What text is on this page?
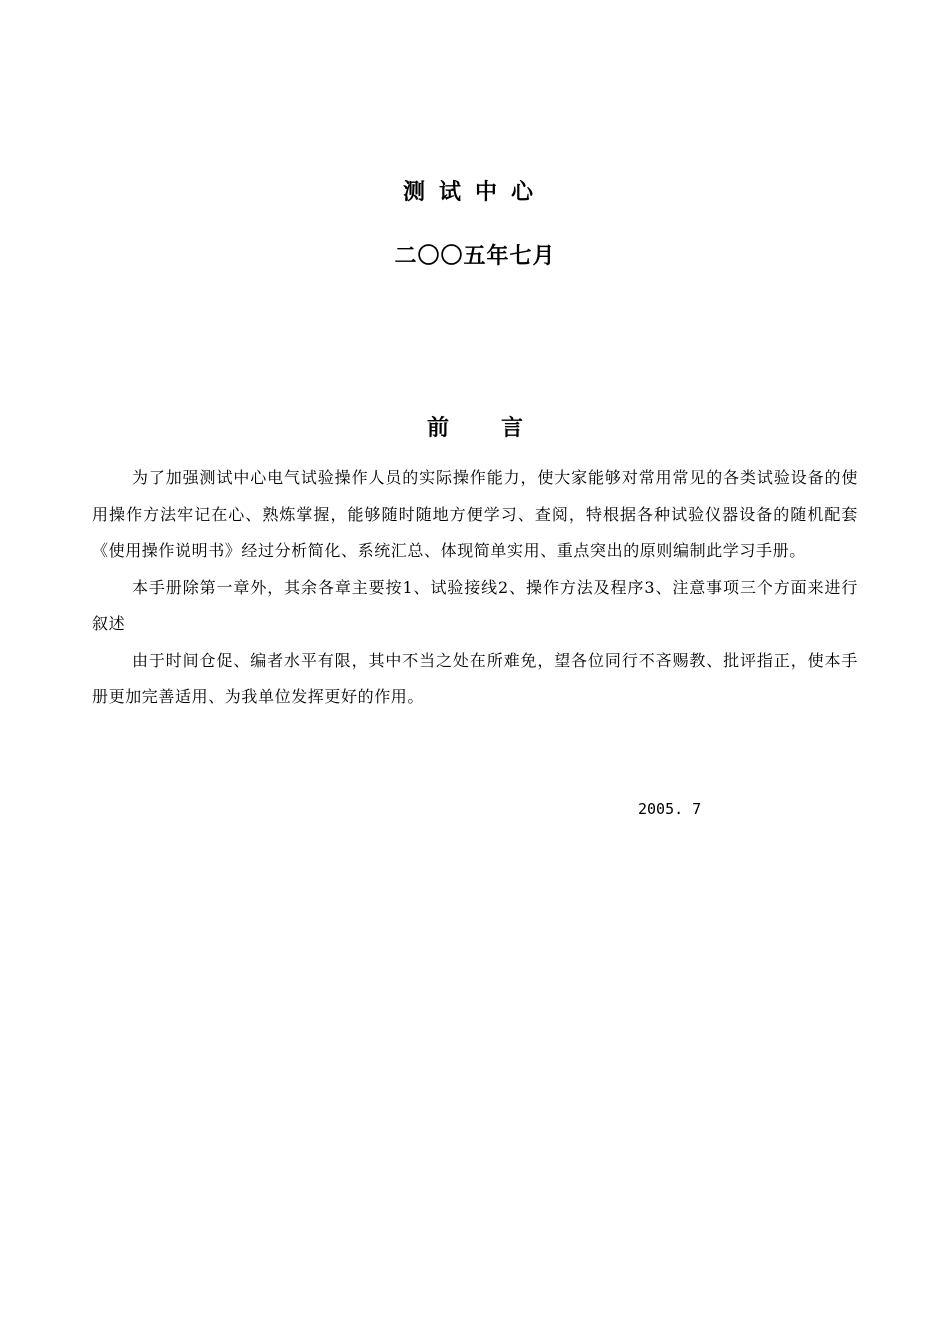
测试中心
二〇〇五年七月
前言

为了加强测试中心电气试验操作人员的实际操作能力，使大家能够对常用常见的各类试验设备的使用操作方法牢记在心、熟炼掌握，能够随时随地方便学习、查阅，特根据各种试验仪器设备的随机配套《使用操作说明书》经过分析简化、系统汇总、体现简单实用、重点突出的原则编制此学习手册。

本手册除第一章外，其余各章主要按1、试验接线2、操作方法及程序3、注意事项三个方面来进行叙述

由于时间仓促、编者水平有限，其中不当之处在所难免，望各位同行不吝赐教、批评指正，使本手册更加完善适用、为我单位发挥更好的作用。

2005. 7
